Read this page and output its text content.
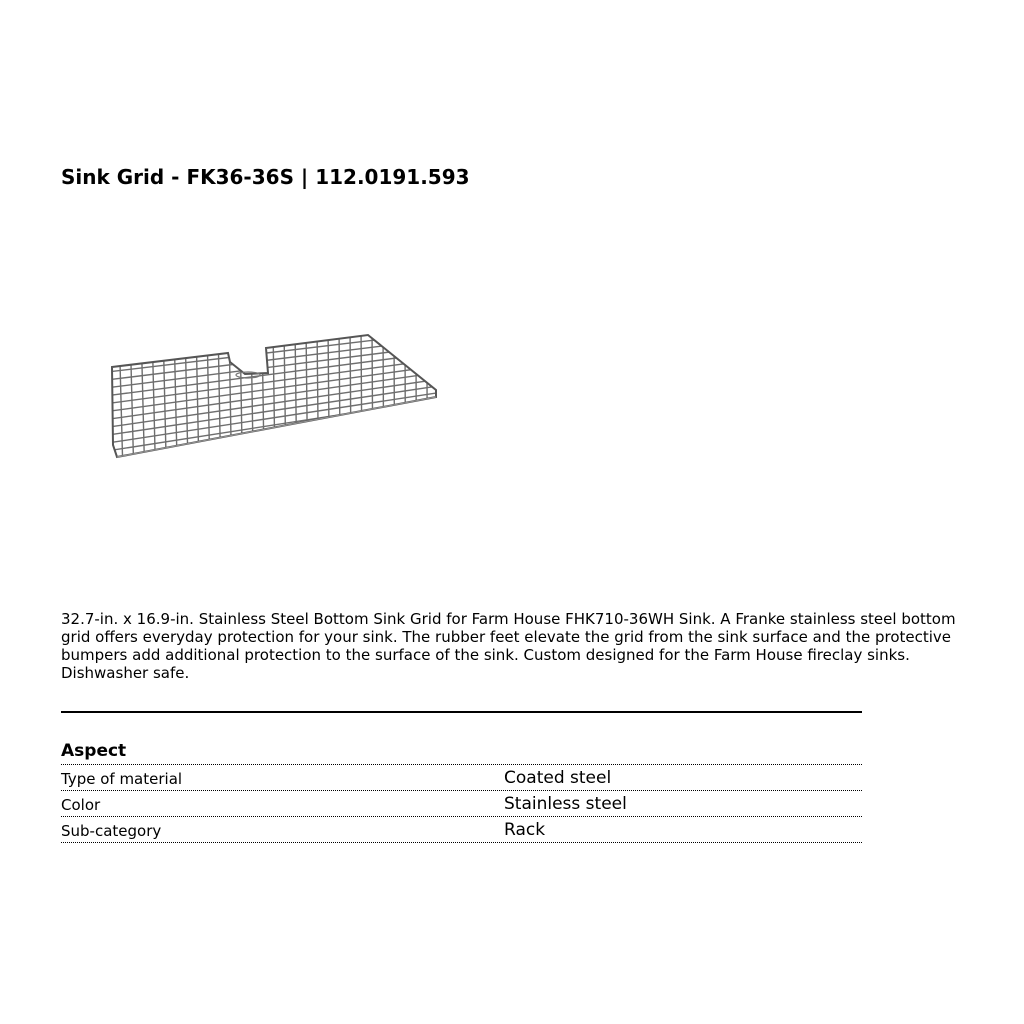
Sink Grid - FK36-36S | 112.0191.593

32.7-in. x 16.9-in. Stainless Steel Bottom Sink Grid for Farm House FHK710-36WH Sink. A Franke stainless steel bottom grid offers everyday protection for your sink. The rubber feet elevate the grid from the sink surface and the protective bumpers add additional protection to the surface of the sink. Custom designed for the Farm House fireclay sinks. Dishwasher safe.

Aspect
Type of material	Coated steel
Color	Stainless steel
Sub-category	Rack
